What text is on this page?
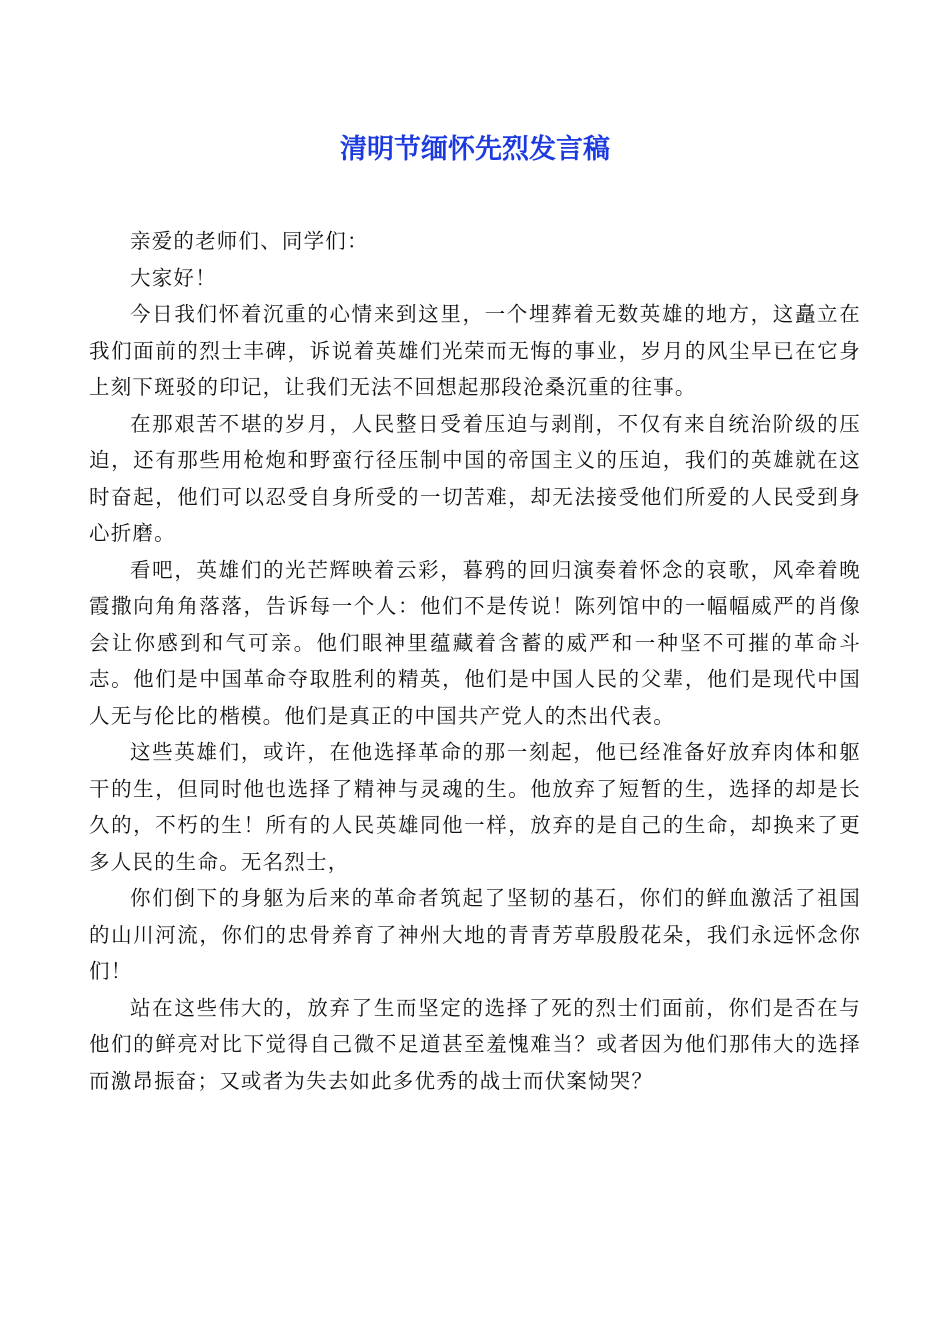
清明节缅怀先烈发言稿

亲爱的老师们、同学们：

大家好！

今日我们怀着沉重的心情来到这里，一个埋葬着无数英雄的地方，这矗立在我们面前的烈士丰碑，诉说着英雄们光荣而无悔的事业，岁月的风尘早已在它身上刻下斑驳的印记，让我们无法不回想起那段沧桑沉重的往事。

在那艰苦不堪的岁月，人民整日受着压迫与剥削，不仅有来自统治阶级的压迫，还有那些用枪炮和野蛮行径压制中国的帝国主义的压迫，我们的英雄就在这时奋起，他们可以忍受自身所受的一切苦难，却无法接受他们所爱的人民受到身心折磨。

看吧，英雄们的光芒辉映着云彩，暮鸦的回归演奏着怀念的哀歌，风牵着晚霞撒向角角落落，告诉每一个人：他们不是传说！陈列馆中的一幅幅威严的肖像会让你感到和气可亲。他们眼神里蕴藏着含蓄的威严和一种坚不可摧的革命斗志。他们是中国革命夺取胜利的精英，他们是中国人民的父辈，他们是现代中国人无与伦比的楷模。他们是真正的中国共产党人的杰出代表。

这些英雄们，或许，在他选择革命的那一刻起，他已经准备好放弃肉体和躯干的生，但同时他也选择了精神与灵魂的生。他放弃了短暂的生，选择的却是长久的，不朽的生！所有的人民英雄同他一样，放弃的是自己的生命，却换来了更多人民的生命。无名烈士，

你们倒下的身躯为后来的革命者筑起了坚韧的基石，你们的鲜血激活了祖国的山川河流，你们的忠骨养育了神州大地的青青芳草殷殷花朵，我们永远怀念你们！

站在这些伟大的，放弃了生而坚定的选择了死的烈士们面前，你们是否在与他们的鲜亮对比下觉得自己微不足道甚至羞愧难当？或者因为他们那伟大的选择而激昂振奋；又或者为失去如此多优秀的战士而伏案恸哭？
